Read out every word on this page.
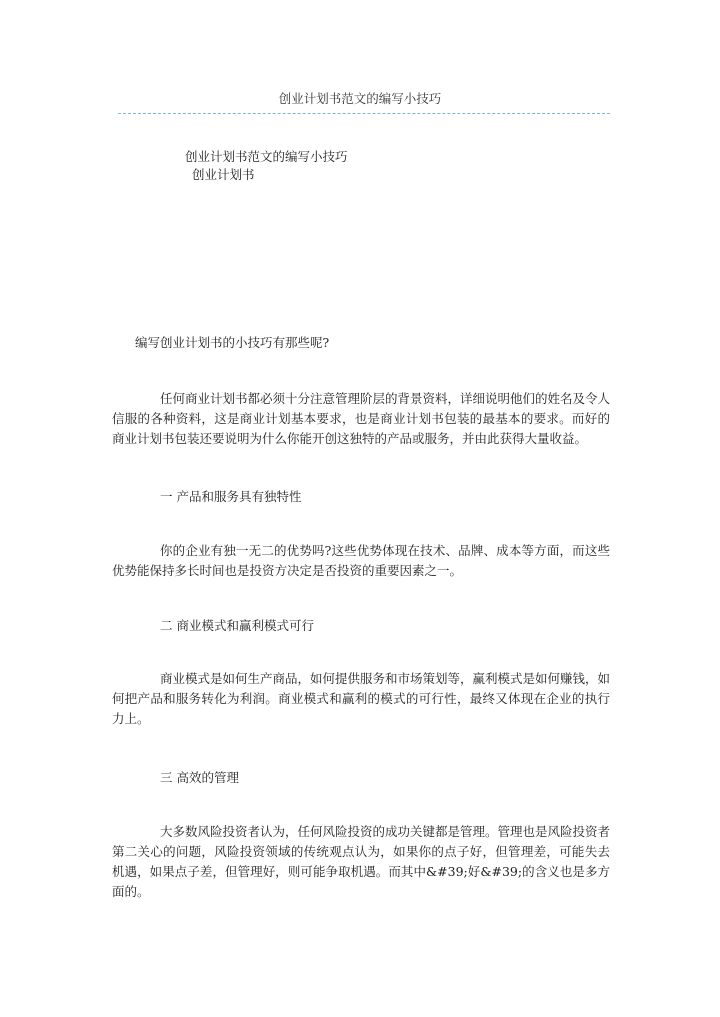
创业计划书范文的编写小技巧
创业计划书范文的编写小技巧
创业计划书
编写创业计划书的小技巧有那些呢?
任何商业计划书都必须十分注意管理阶层的背景资料，详细说明他们的姓名及令人信服的各种资料，这是商业计划基本要求，也是商业计划书包装的最基本的要求。而好的商业计划书包装还要说明为什么你能开创这独特的产品或服务，并由此获得大量收益。
一 产品和服务具有独特性
你的企业有独一无二的优势吗?这些优势体现在技术、品牌、成本等方面，而这些优势能保持多长时间也是投资方决定是否投资的重要因素之一。
二 商业模式和赢利模式可行
商业模式是如何生产商品，如何提供服务和市场策划等，赢利模式是如何赚钱，如何把产品和服务转化为利润。商业模式和赢利的模式的可行性，最终又体现在企业的执行力上。
三 高效的管理
大多数风险投资者认为，任何风险投资的成功关键都是管理。管理也是风险投资者第二关心的问题，风险投资领域的传统观点认为，如果你的点子好，但管理差，可能失去机遇，如果点子差，但管理好，则可能争取机遇。而其中&#39;好&#39;的含义也是多方面的。
